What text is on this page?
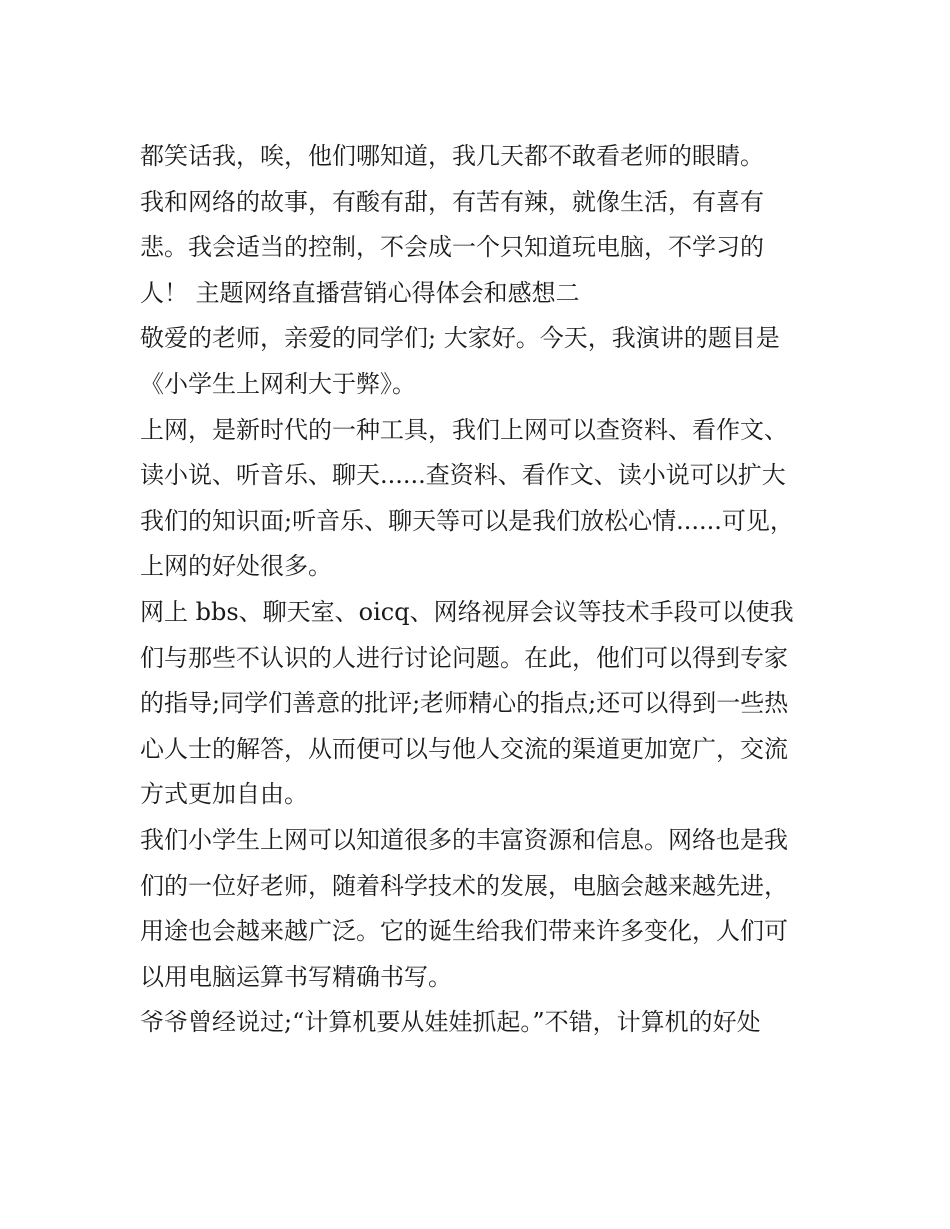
都笑话我，唉，他们哪知道，我几天都不敢看老师的眼睛。
我和网络的故事，有酸有甜，有苦有辣，就像生活，有喜有
悲。我会适当的控制，不会成一个只知道玩电脑，不学习的
人！ 主题网络直播营销心得体会和感想二
敬爱的老师，亲爱的同学们; 大家好。今天，我演讲的题目是
《小学生上网利大于弊》。
上网，是新时代的一种工具，我们上网可以查资料、看作文、
读小说、听音乐、聊天......查资料、看作文、读小说可以扩大
我们的知识面;听音乐、聊天等可以是我们放松心情......可见，
上网的好处很多。
网上 bbs、聊天室、oicq、网络视屏会议等技术手段可以使我
们与那些不认识的人进行讨论问题。在此，他们可以得到专家
的指导;同学们善意的批评;老师精心的指点;还可以得到一些热
心人士的解答，从而便可以与他人交流的渠道更加宽广，交流
方式更加自由。
我们小学生上网可以知道很多的丰富资源和信息。网络也是我
们的一位好老师，随着科学技术的发展，电脑会越来越先进，
用途也会越来越广泛。它的诞生给我们带来许多变化，人们可
以用电脑运算书写精确书写。
爷爷曾经说过;“计算机要从娃娃抓起。”不错，计算机的好处
